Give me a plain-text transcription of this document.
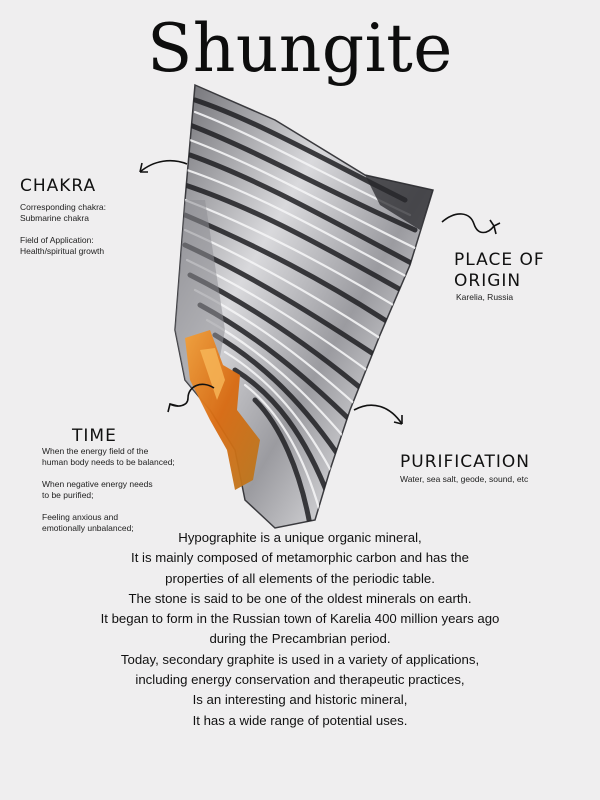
Shungite
CHAKRA
Corresponding chakra:
Submarine chakra
Field of Application:
Health/spiritual growth	PLACE OF
ORIGIN
Karelia, Russia
TIME
When the energy field of the
human body needs to be balanced;
When negative energy needs
to be purified;
Feeling anxious and
emotionally unbalanced;
PURIFICATION
Water, sea salt, geode, sound, etc
Hypographite is a unique organic mineral,
It is mainly composed of metamorphic carbon and has the
properties of all elements of the periodic table.
The stone is said to be one of the oldest minerals on earth.
It began to form in the Russian town of Karelia 400 million years ago
during the Precambrian period.
Today, secondary graphite is used in a variety of applications,
including energy conservation and therapeutic practices,
Is an interesting and historic mineral,
It has a wide range of potential uses.
